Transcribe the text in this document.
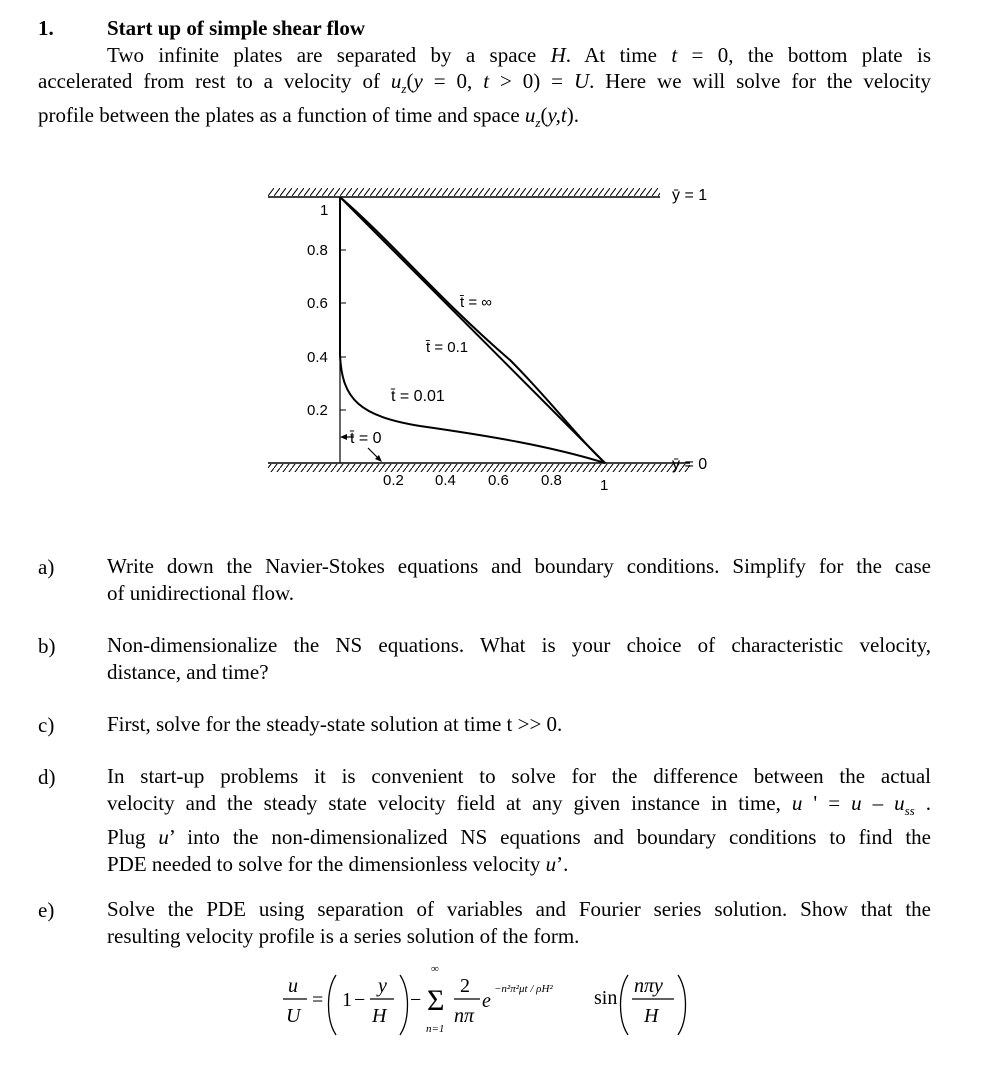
1.	Start up of simple shear flow
Two infinite plates are separated by a space H. At time t = 0, the bottom plate is
accelerated from rest to a velocity of $u_z(y = 0$, t > 0) = U. Here we will solve for the velocity
profile between the plates as a function of time and space $u_z(y,t)$.
1
0.8
0.6
0.4
0.2
0.2 0.4 0.6 0.8	1
ȳ = 1
ȳ = 0
t̄ = ∞
t̄ = 0.1
t̄ = 0.01
t̄ = 0
a)	Write down the Navier-Stokes equations and boundary conditions. Simplify for the case
of unidirectional flow.
b) Non-dimensionalize the NS equations. What is your choice of characteristic velocity,
distance, and time?
c)	First, solve for the steady-state solution at time t >> 0.
d) In start-up problems it is convenient to solve for the difference between the actual
velocity and the steady state velocity field at any given instance in time, u ' = u – $u_{ss}$ .
Plug u’ into the non-dimensionalized NS equations and boundary conditions to find the
PDE needed to solve for the dimensionless velocity u’.
e)	Solve the PDE using separation of variables and Fourier series solution. Show that the
resulting velocity profile is a series solution of the form.
u
U
= 1 −
y
H
−
∞
Σ
n=1
2
nπ
e
−n²π²μt / ρH² sin
nπy
H
